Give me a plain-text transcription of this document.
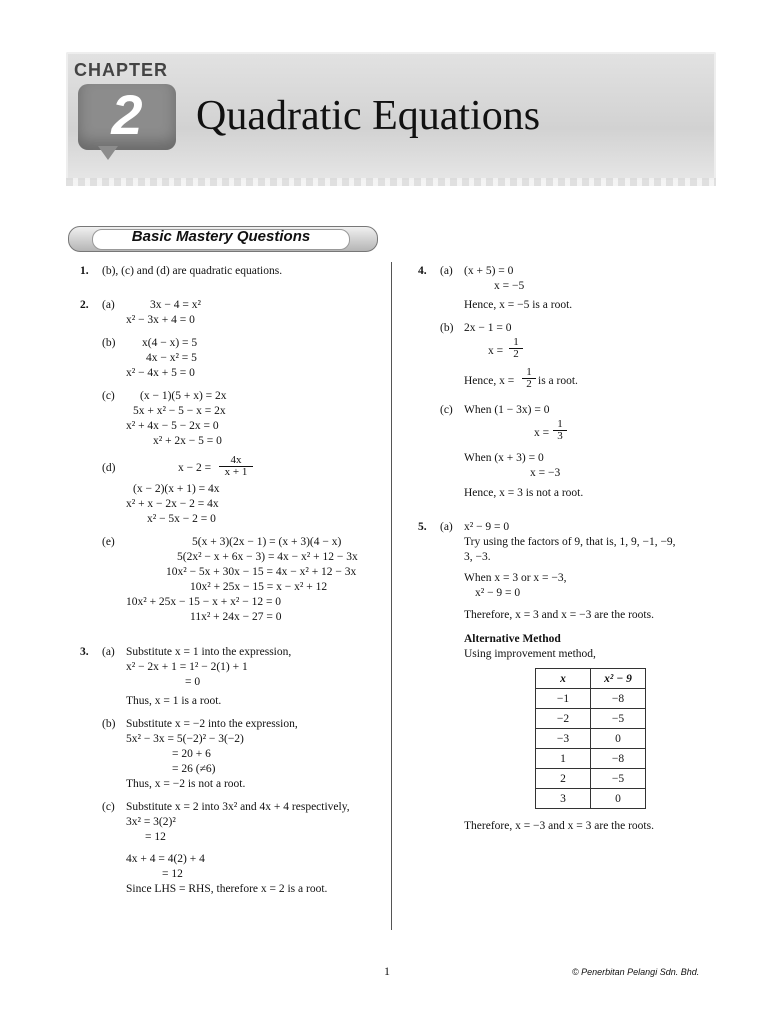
CHAPTER
2	Quadratic Equations
Basic Mastery Questions
1. (b), (c) and (d) are quadratic equations.
2. (a)	3x − 4 = x²
x² − 3x + 4 = 0
(b) x(4 − x) = 5
4x − x² = 5
x² − 4x + 5 = 0
(c) (x − 1)(5 + x) = 2x
5x + x² − 5 − x = 2x
x² + 4x − 5 − 2x = 0
x² + 2x − 5 = 0
(d)	$x - 2 = \frac{4x}{x + 1}$
(x − 2)(x + 1) = 4x
x² + x − 2x − 2 = 4x
x² − 5x − 2 = 0
(e)	5(x + 3)(2x − 1) = (x + 3)(4 − x)
5(2x² − x + 6x − 3) = 4x − x² + 12 − 3x
10x² − 5x + 30x − 15 = 4x − x² + 12 − 3x
10x² + 25x − 15 = x − x² + 12
10x² + 25x − 15 − x + x² − 12 = 0
11x² + 24x − 27 = 0
3. (a) Substitute x = 1 into the expression,
x² − 2x + 1 = 1² − 2(1) + 1
= 0
Thus, x = 1 is a root.
(b) Substitute x = −2 into the expression,
5x² − 3x = 5(−2)² − 3(−2)
= 20 + 6
= 26 (≠6)
Thus, x = −2 is not a root.
(c) Substitute x = 2 into 3x² and 4x + 4 respectively,
3x² = 3(2)²
= 12
4x + 4 = 4(2) + 4
= 12
Since LHS = RHS, therefore x = 2 is a root.
4. (a) (x + 5) = 0
x = −5
Hence, x = −5 is a root.
(b) 2x − 1 = 0
$x = \frac{1}{2}$
Hence, $x = \frac{1}{2}$ is a root.
(c) When (1 − 3x) = 0
$x = \frac{1}{3}$
When (x + 3) = 0
x = −3
Hence, x = 3 is not a root.
5. (a) x² − 9 = 0
Try using the factors of 9, that is, 1, 9, −1, −9,
3, −3.
When x = 3 or x = −3,
x² − 9 = 0
Therefore, x = 3 and x = −3 are the roots.
Alternative Method
Using improvement method,
x	x² − 9
−1	−8
−2	−5
−3	0
1	−8
2	−5
3	0
Therefore, x = −3 and x = 3 are the roots.
1	© Penerbitan Pelangi Sdn. Bhd.
